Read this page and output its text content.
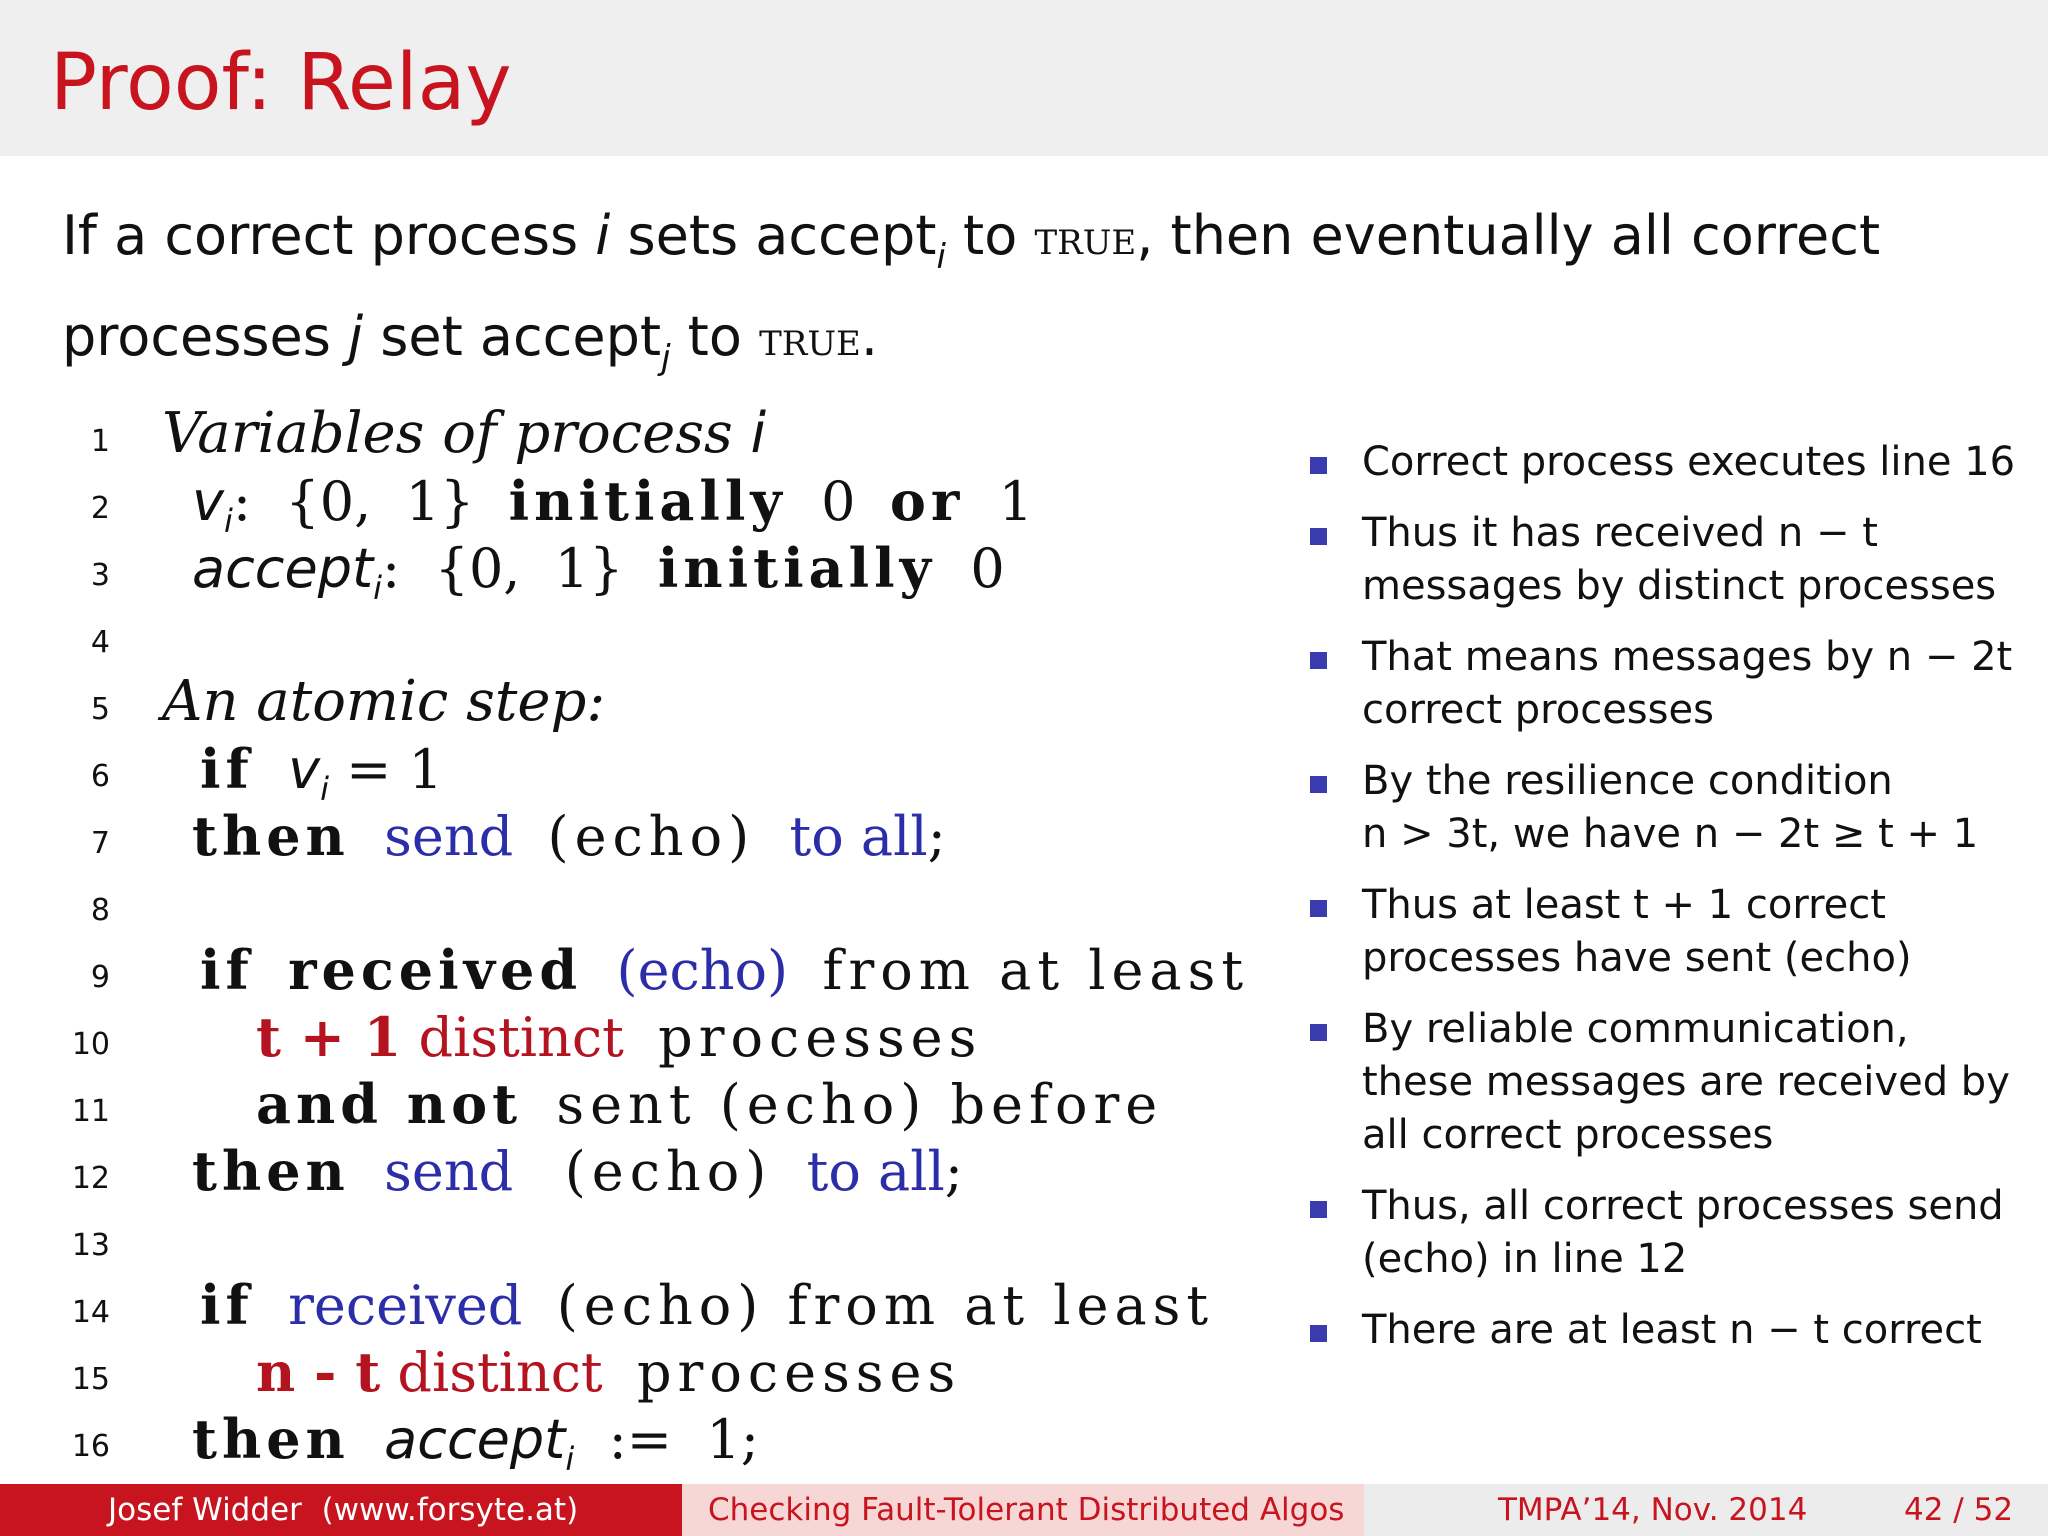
Proof: Relay
If a correct process i sets accept$_i$ to true, then eventually all correct
processes j set accept$_j$ to true.
1 Variables of process i
2 $v_i$: {0,  1} initially 0 or 1
3 accept$_i$: {0,  1} initially 0
4
5 An atomic step:
6 if $v_i = 1$
7 then send (echo) to all;
8
9 if received (echo) from at least
10	t + 1 distinct processes
11	and not sent (echo) before
12 then send (echo) to all;
13
14 if received (echo) from at least
15	n - t distinct processes
16 then accept$_i$ :=  1;
Correct process executes line 16
Thus it has received n − t
messages by distinct processes
That means messages by n − 2t
correct processes
By the resilience condition
n > 3t, we have n − 2t ≥ t + 1
Thus at least t + 1 correct
processes have sent (echo)
By reliable communication,
these messages are received by
all correct processes
Thus, all correct processes send
(echo) in line 12
There are at least n − t correct
Josef Widder  (www.forsyte.at)	Checking Fault-Tolerant Distributed Algos	TMPA’14, Nov. 2014	42 / 52
